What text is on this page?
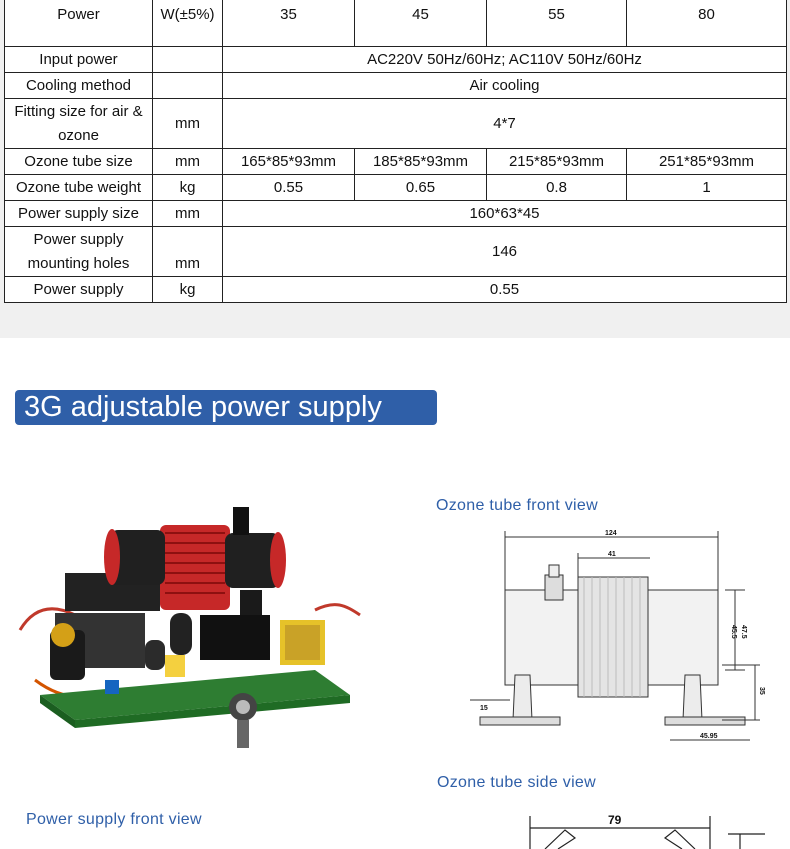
Power	W(±5%)	35	45	55	80
Input power		AC220V 50Hz/60Hz; AC110V 50Hz/60Hz			
Cooling method		Air cooling			
Fitting size for air & ozone	mm	4*7			
Ozone tube size	mm	165*85*93mm	185*85*93mm	215*85*93mm	251*85*93mm
Ozone tube weight	kg	0.55	0.65	0.8	1
Power supply size	mm	160*63*45			
Power supply mounting holes	mm	146			
Power supply	kg	0.55			
3G adjustable power supply
Ozone tube front view
Ozone tube side view
Power supply front view
124
41
47.5
45.5
35
15
45.95
79
